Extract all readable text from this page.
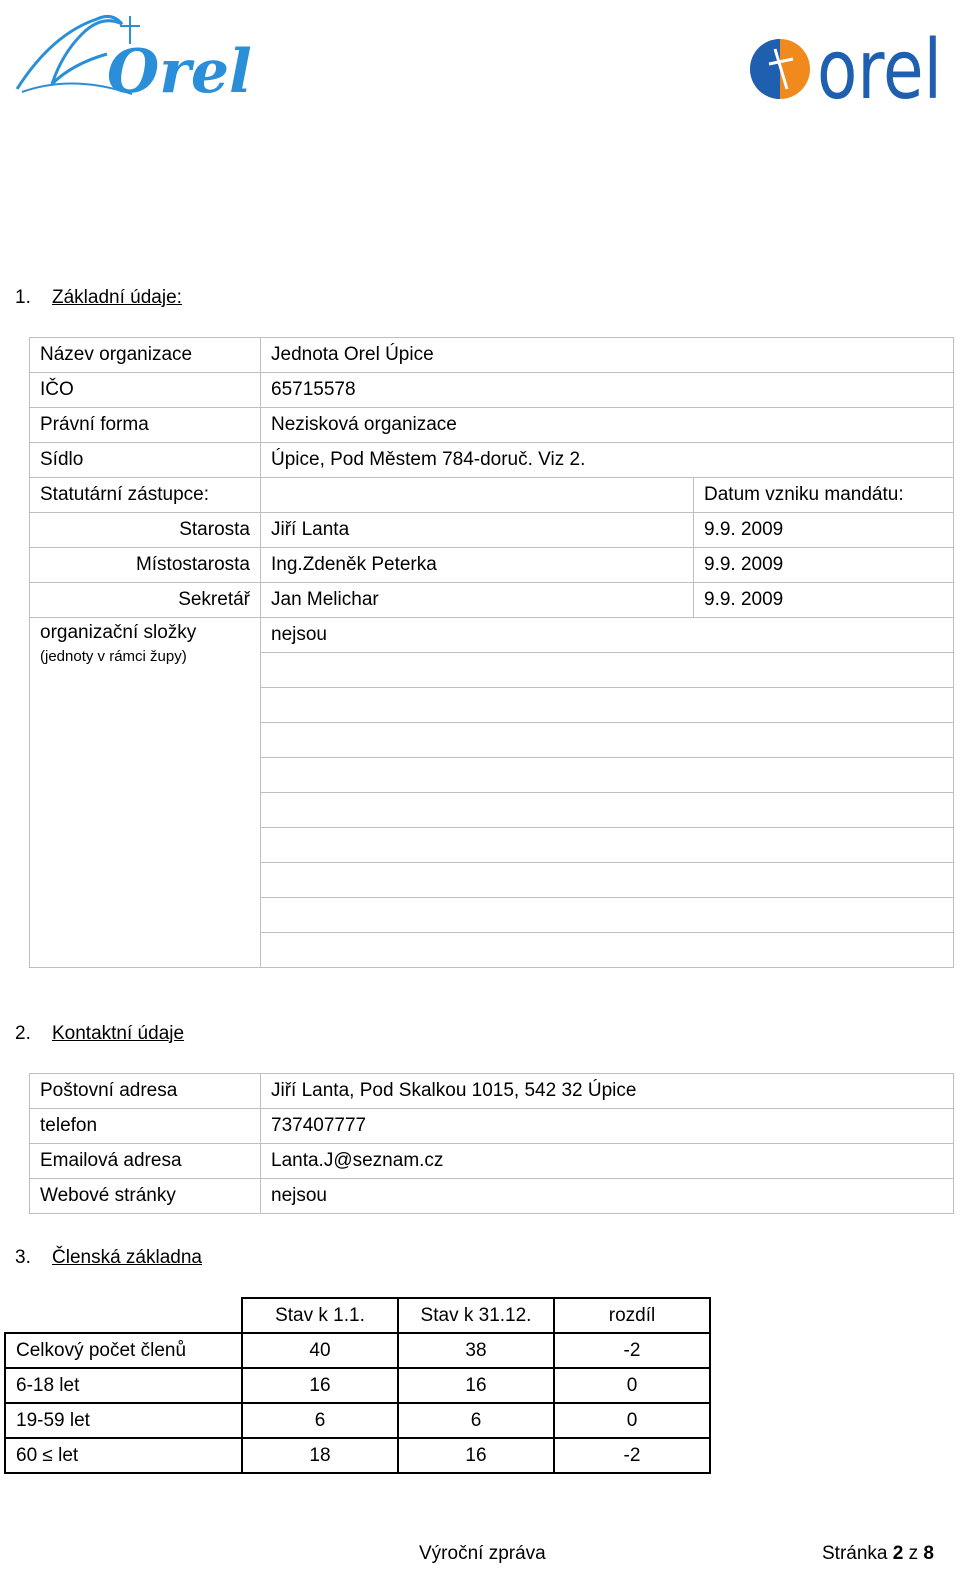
Orel	orel
1. Základní údaje:
Název organizace	Jednota Orel Úpice	
IČO	65715578	
Právní forma	Nezisková organizace	
Sídlo	Úpice, Pod Městem 784-doruč. Viz 2.	
Statutární zástupce:		Datum vzniku mandátu:
Starosta	Jiří Lanta	9.9. 2009
Místostarosta	Ing.Zdeněk Peterka	9.9. 2009
Sekretář	Jan Melichar	9.9. 2009
organizační složky
(jednoty v rámci župy)	nejsou	

2. Kontaktní údaje
Poštovní adresa	Jiří Lanta, Pod Skalkou 1015, 542 32 Úpice
telefon	737407777
Emailová adresa	Lanta.J@seznam.cz
Webové stránky	nejsou
3. Členská základna
	Stav k 1.1.	Stav k 31.12.	rozdíl
Celkový počet členů	40	38	-2
6-18 let	16	16	0
19-59 let	6	6	0
60 ≤ let	18	16	-2
Výroční zpráva	Stránka 2 z 8
